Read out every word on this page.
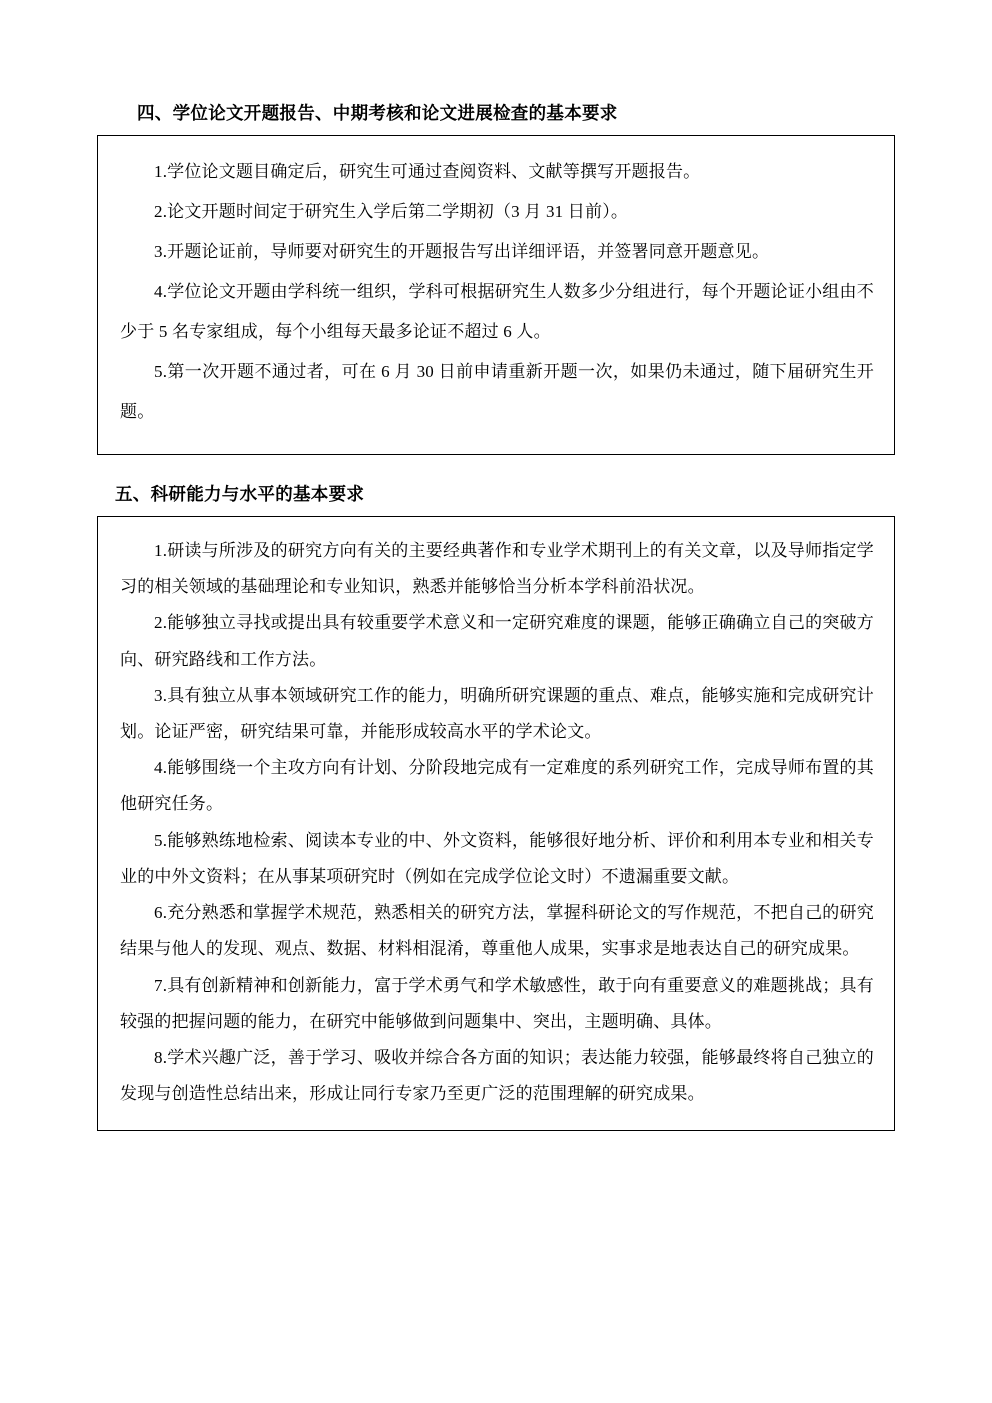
四、学位论文开题报告、中期考核和论文进展检查的基本要求

1.学位论文题目确定后，研究生可通过查阅资料、文献等撰写开题报告。

2.论文开题时间定于研究生入学后第二学期初（3 月 31 日前）。

3.开题论证前，导师要对研究生的开题报告写出详细评语，并签署同意开题意见。

4.学位论文开题由学科统一组织，学科可根据研究生人数多少分组进行，每个开题论证小组由不少于 5 名专家组成，每个小组每天最多论证不超过 6 人。

5.第一次开题不通过者，可在 6 月 30 日前申请重新开题一次，如果仍未通过，随下届研究生开题。

五、科研能力与水平的基本要求

1.研读与所涉及的研究方向有关的主要经典著作和专业学术期刊上的有关文章，以及导师指定学习的相关领域的基础理论和专业知识，熟悉并能够恰当分析本学科前沿状况。

2.能够独立寻找或提出具有较重要学术意义和一定研究难度的课题，能够正确确立自己的突破方向、研究路线和工作方法。

3.具有独立从事本领域研究工作的能力，明确所研究课题的重点、难点，能够实施和完成研究计划。论证严密，研究结果可靠，并能形成较高水平的学术论文。

4.能够围绕一个主攻方向有计划、分阶段地完成有一定难度的系列研究工作，完成导师布置的其他研究任务。

5.能够熟练地检索、阅读本专业的中、外文资料，能够很好地分析、评价和利用本专业和相关专业的中外文资料；在从事某项研究时（例如在完成学位论文时）不遗漏重要文献。

6.充分熟悉和掌握学术规范，熟悉相关的研究方法，掌握科研论文的写作规范，不把自己的研究结果与他人的发现、观点、数据、材料相混淆，尊重他人成果，实事求是地表达自己的研究成果。

7.具有创新精神和创新能力，富于学术勇气和学术敏感性，敢于向有重要意义的难题挑战；具有较强的把握问题的能力，在研究中能够做到问题集中、突出，主题明确、具体。

8.学术兴趣广泛，善于学习、吸收并综合各方面的知识；表达能力较强，能够最终将自己独立的发现与创造性总结出来，形成让同行专家乃至更广泛的范围理解的研究成果。
